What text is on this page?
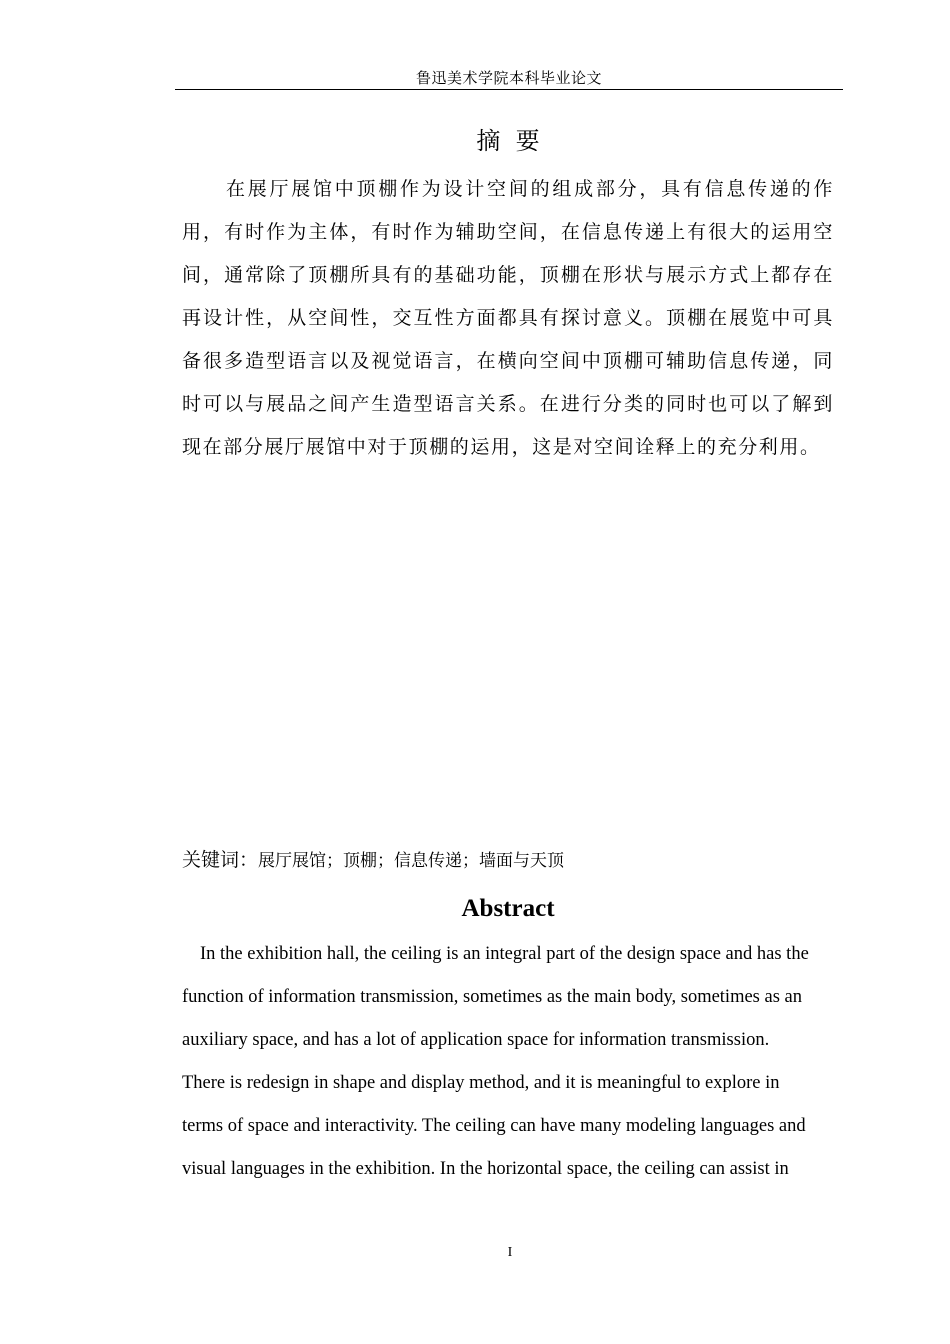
鲁迅美术学院本科毕业论文
摘  要

在展厅展馆中顶棚作为设计空间的组成部分，具有信息传递的作用，有时作为主体，有时作为辅助空间，在信息传递上有很大的运用空间，通常除了顶棚所具有的基础功能，顶棚在形状与展示方式上都存在再设计性，从空间性，交互性方面都具有探讨意义。顶棚在展览中可具备很多造型语言以及视觉语言，在横向空间中顶棚可辅助信息传递，同时可以与展品之间产生造型语言关系。在进行分类的同时也可以了解到现在部分展厅展馆中对于顶棚的运用，这是对空间诠释上的充分利用。

关键词：展厅展馆；顶棚；信息传递；墙面与天顶
Abstract
In the exhibition hall, the ceiling is an integral part of the design space and has the
function of information transmission, sometimes as the main body, sometimes as an
auxiliary space, and has a lot of application space for information transmission.
There is redesign in shape and display method, and it is meaningful to explore in
terms of space and interactivity. The ceiling can have many modeling languages and
visual languages in the exhibition. In the horizontal space, the ceiling can assist in
I
